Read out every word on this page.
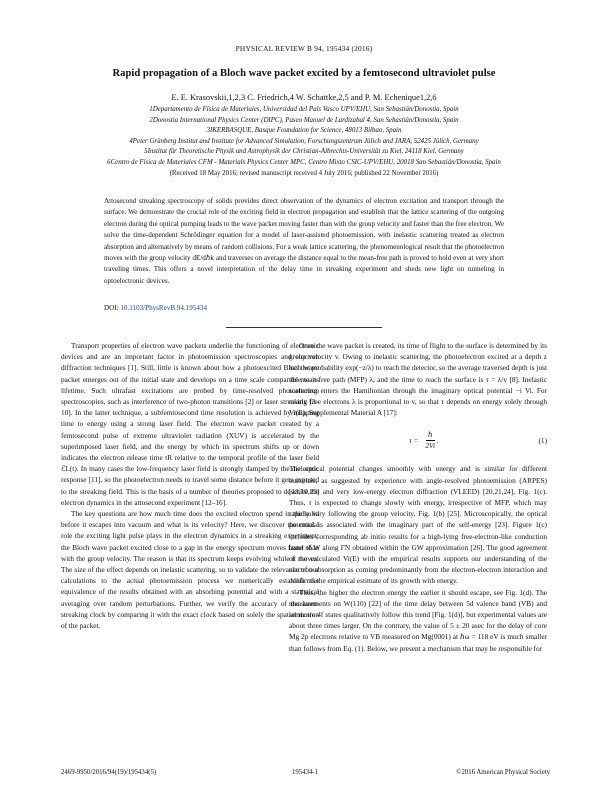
PHYSICAL REVIEW B 94, 195434 (2016)
Rapid propagation of a Bloch wave packet excited by a femtosecond ultraviolet pulse
E. E. Krasovskii,1,2,3 C. Friedrich,4 W. Schattke,2,5 and P. M. Echenique1,2,6
1Departamento de Física de Materiales, Universidad del País Vasco UPV/EHU, San Sebastián/Donostia, Spain
2Donostia International Physics Center (DIPC), Paseo Manuel de Lardizabal 4, San Sebastián/Donostia, Spain
3IKERBASQUE, Basque Foundation for Science, 48013 Bilbao, Spain
4Peter Grünberg Institut and Institute for Advanced Simulation, Forschungszentrum Jülich and JARA, 52425 Jülich, Germany
5Institut für Theoretische Physik und Astrophysik der Christian-Albrechts-Universität zu Kiel, 24118 Kiel, Germany
6Centro de Física de Materiales CFM - Materials Physics Center MPC, Centro Mixto CSIC-UPV/EHU, 20018 San Sebastián/Donostia, Spain
(Received 18 May 2016; revised manuscript received 4 July 2016; published 22 November 2016)
Attosecond streaking spectroscopy of solids provides direct observation of the dynamics of electron excitation and transport through the surface. We demonstrate the crucial role of the exciting field in electron propagation and establish that the lattice scattering of the outgoing electron during the optical pumping leads to the wave packet moving faster than with the group velocity and faster than the free electron. We solve the time-dependent Schrödinger equation for a model of laser-assisted photoemission, with inelastic scattering treated as electron absorption and alternatively by means of random collisions. For a weak lattice scattering, the phenomenological result that the photoelectron moves with the group velocity dE/dℏk and traverses on average the distance equal to the mean-free path is proved to hold even at very short traveling times. This offers a novel interpretation of the delay time in streaking experiment and sheds new light on tunneling in optoelectronic devices.
DOI: 10.1103/PhysRevB.94.195434

Transport properties of electron wave packets underlie the functioning of electronic devices and are an important factor in photoemission spectroscopies and electron diffraction techniques [1]. Still, little is known about how a photoexcited Bloch wave packet emerges out of the initial state and develops on a time scale comparable to its lifetime. Such ultrafast excitations are probed by time-resolved photoelectron spectroscopies, such as interference of two-photon transitions [2] or laser streaking [3–10]. In the latter technique, a subfemtosecond time resolution is achieved by mapping time to energy using a strong laser field. The electron wave packet created by a femtosecond pulse of extreme ultraviolet radiation (XUV) is accelerated by the superimposed laser field, and the energy by which its spectrum shifts up or down indicates the electron release time tR relative to the temporal profile of the laser field ℰL(t). In many cases the low-frequency laser field is strongly damped by the dielectric response [11], so the photoelectron needs to travel some distance before it gets exposed to the streaking field. This is the basis of a number of theories proposed to describe the electron dynamics in the attosecond experiment [12–16].

The key questions are how much time does the excited electron spend in the solid before it escapes into vacuum and what is its velocity? Here, we discover the crucial role the exciting light pulse plays in the electron dynamics in a streaking experiment: the Bloch wave packet excited close to a gap in the energy spectrum moves faster than with the group velocity. The reason is that its spectrum keeps evolving while it moves. The size of the effect depends on inelastic scattering, so to validate the relevance of our calculations to the actual photoemission process we numerically establish the equivalence of the results obtained with an absorbing potential and with a statistical averaging over random perturbations. Further, we verify the accuracy of the laser-streaking clock by comparing it with the exact clock based on solely the spatial motion of the packet.

Once the wave packet is created, its time of flight to the surface is determined by its group velocity v. Owing to inelastic scattering, the photoelectron excited at a depth z has the probability exp(−z/λ) to reach the detector, so the average traversed depth is just the mean-free path (MFP) λ, and the time to reach the surface is τ = λ/v [8]. Inelastic scattering enters the Hamiltonian through the imaginary optical potential −i Vi. For nearly free electrons λ is proportional to v, so that τ depends on energy solely through Vi(E), Supplemental Material A [17]:

$\tau = \frac{\text{ℏ}}{2Vi}$ .	(1)

The optical potential changes smoothly with energy and is similar for different materials, as suggested by experience with angle-resolved photoemission (ARPES) [18,19,23] and very low-energy electron diffraction (VLEED) [20,21,24], Fig. 1(c). Thus, τ is expected to change slowly with energy, irrespective of MFP, which may rapidly vary following the group velocity, Fig. 1(b) [25]. Microscopically, the optical potential is associated with the imaginary part of the self-energy [23]. Figure 1(c) includes corresponding ab initio results for a high-lying free-electron-like conduction band of W along ΓN obtained within the GW approximation [26]. The good agreement of the calculated Vi(E) with the empirical results supports our understanding of the electron absorption as coming predominantly from the electron-electron interaction and confirms the empirical estimate of its growth with energy.

Thus, the higher the electron energy the earlier it should escape, see Fig. 1(d). The measurements on W(110) [22] of the time delay between 5d valence band (VB) and semicore 4f states qualitatively follow this trend [Fig. 1(d)], but experimental values are about three times larger. On the contrary, the value of 5 ± 20 asec for the delay of core Mg 2p electrons relative to VB measured on Mg(0001) at ℏω = 118 eV is much smaller than follows from Eq. (1). Below, we present a mechanism that may be responsible for

2469-9950/2016/94(19)/195434(5)	195434-1	©2016 American Physical Society
